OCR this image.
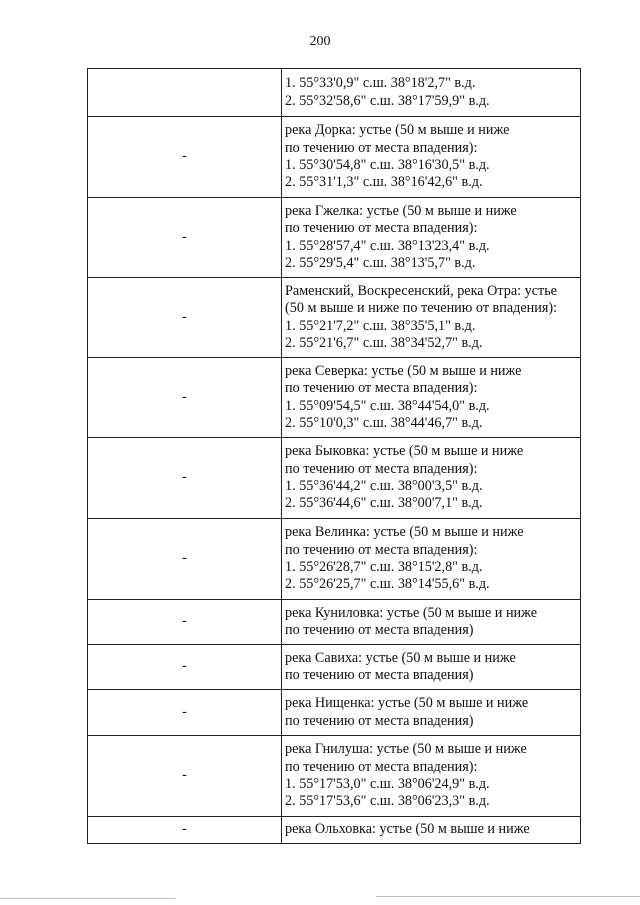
200

	1. 55°33'0,9" с.ш. 38°18'2,7" в.д.
2. 55°32'58,6" с.ш. 38°17'59,9" в.д.

-	река Дорка: устье (50 м выше и ниже
по течению от места впадения):
1. 55°30'54,8" с.ш. 38°16'30,5" в.д.
2. 55°31'1,3" с.ш. 38°16'42,6" в.д.

-	река Гжелка: устье (50 м выше и ниже
по течению от места впадения):
1. 55°28'57,4" с.ш. 38°13'23,4" в.д.
2. 55°29'5,4" с.ш. 38°13'5,7" в.д.

-	Раменский, Воскресенский, река Отра: устье
(50 м выше и ниже по течению от впадения):
1. 55°21'7,2" с.ш. 38°35'5,1" в.д.
2. 55°21'6,7" с.ш. 38°34'52,7" в.д.

-	река Северка: устье (50 м выше и ниже
по течению от места впадения):
1. 55°09'54,5" с.ш. 38°44'54,0" в.д.
2. 55°10'0,3" с.ш. 38°44'46,7" в.д.

-	река Быковка: устье (50 м выше и ниже
по течению от места впадения):
1. 55°36'44,2" с.ш. 38°00'3,5" в.д.
2. 55°36'44,6" с.ш. 38°00'7,1" в.д.

-	река Велинка: устье (50 м выше и ниже
по течению от места впадения):
1. 55°26'28,7" с.ш. 38°15'2,8" в.д.
2. 55°26'25,7" с.ш. 38°14'55,6" в.д.

-	река Куниловка: устье (50 м выше и ниже
по течению от места впадения)

-	река Савиха: устье (50 м выше и ниже
по течению от места впадения)

-	река Нищенка: устье (50 м выше и ниже
по течению от места впадения)

-	река Гнилуша: устье (50 м выше и ниже
по течению от места впадения):
1. 55°17'53,0" с.ш. 38°06'24,9" в.д.
2. 55°17'53,6" с.ш. 38°06'23,3" в.д.

-	река Ольховка: устье (50 м выше и ниже
